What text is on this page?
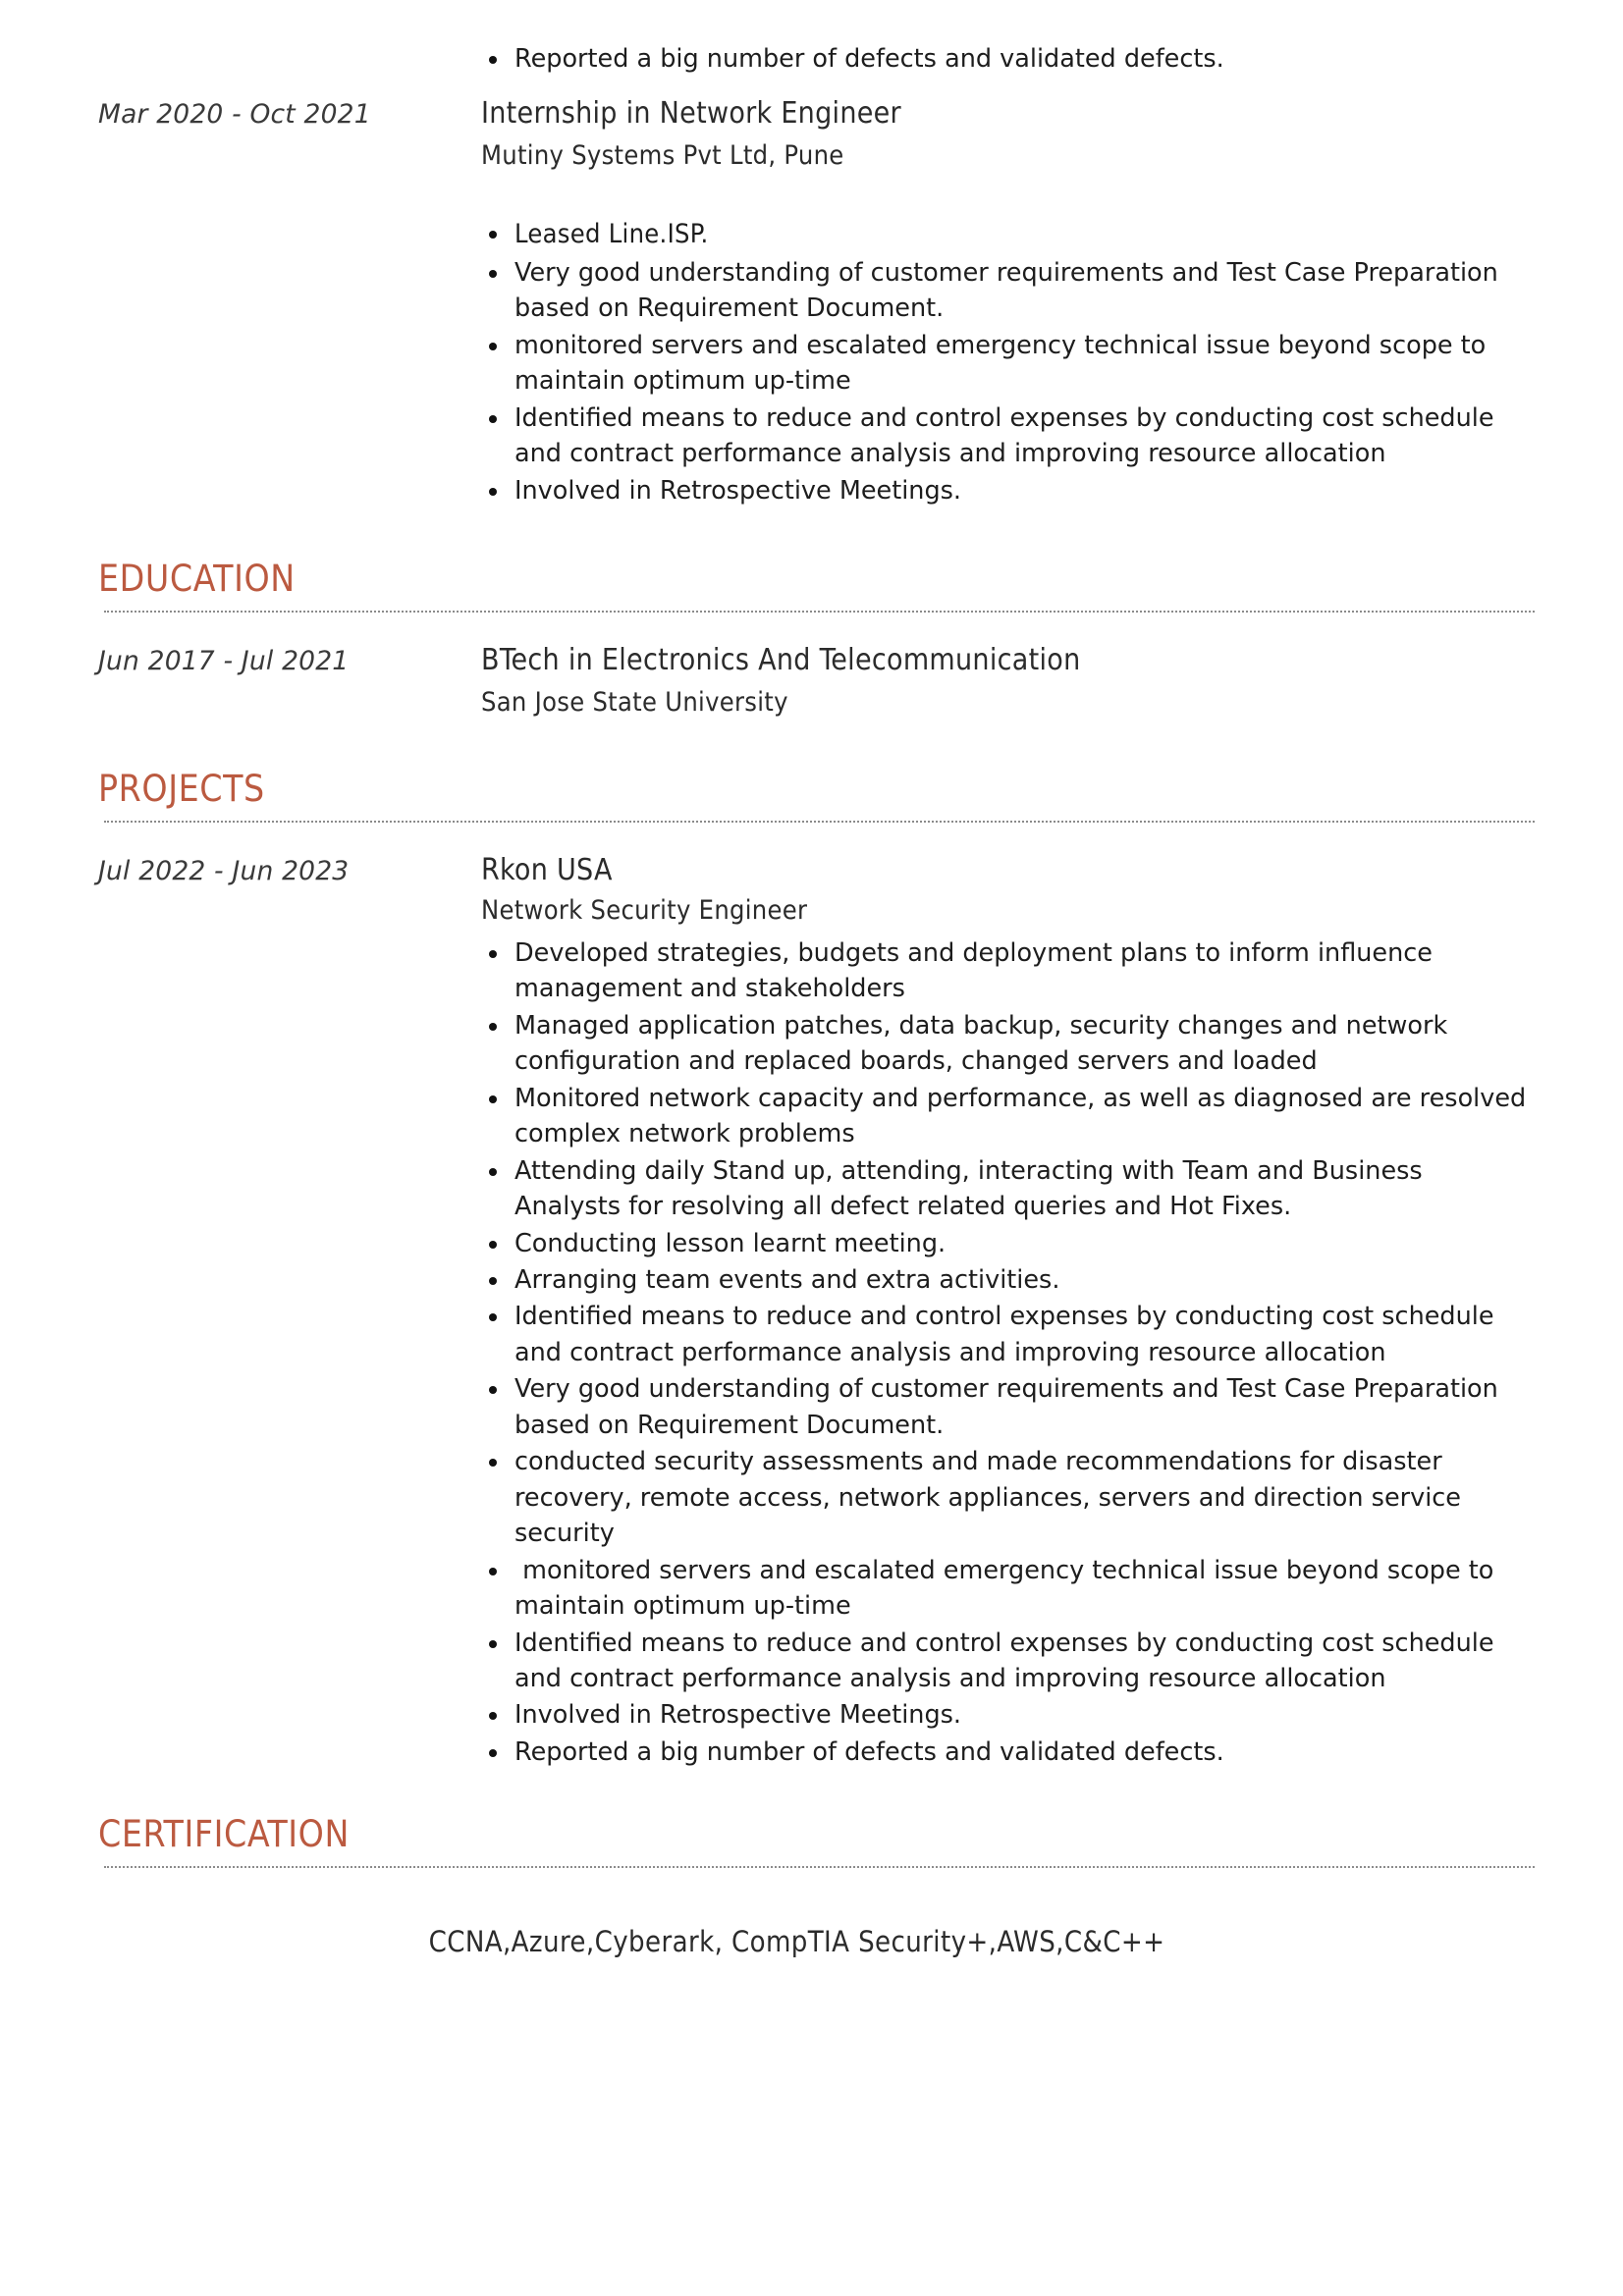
Reported a big number of defects and validated defects.
Mar 2020 - Oct 2021	Internship in Network Engineer
Mutiny Systems Pvt Ltd, Pune
Leased Line.ISP.
Very good understanding of customer requirements and Test Case Preparation based on Requirement Document.
monitored servers and escalated emergency technical issue beyond scope to maintain optimum up-time
Identified means to reduce and control expenses by conducting cost schedule and contract performance analysis and improving resource allocation
Involved in Retrospective Meetings.
EDUCATION
Jun 2017 - Jul 2021	BTech in Electronics And Telecommunication
San Jose State University
PROJECTS
Jul 2022 - Jun 2023	Rkon USA
Network Security Engineer
Developed strategies, budgets and deployment plans to inform influence management and stakeholders
Managed application patches, data backup, security changes and network configuration and replaced boards, changed servers and loaded
Monitored network capacity and performance, as well as diagnosed are resolved complex network problems
Attending daily Stand up, attending, interacting with Team and Business Analysts for resolving all defect related queries and Hot Fixes.
Conducting lesson learnt meeting.
Arranging team events and extra activities.
Identified means to reduce and control expenses by conducting cost schedule and contract performance analysis and improving resource allocation
Very good understanding of customer requirements and Test Case Preparation based on Requirement Document.
conducted security assessments and made recommendations for disaster recovery, remote access, network appliances, servers and direction service security
monitored servers and escalated emergency technical issue beyond scope to maintain optimum up-time
Identified means to reduce and control expenses by conducting cost schedule and contract performance analysis and improving resource allocation
Involved in Retrospective Meetings.
Reported a big number of defects and validated defects.
CERTIFICATION
CCNA,Azure,Cyberark, CompTIA Security+,AWS,C&C++
